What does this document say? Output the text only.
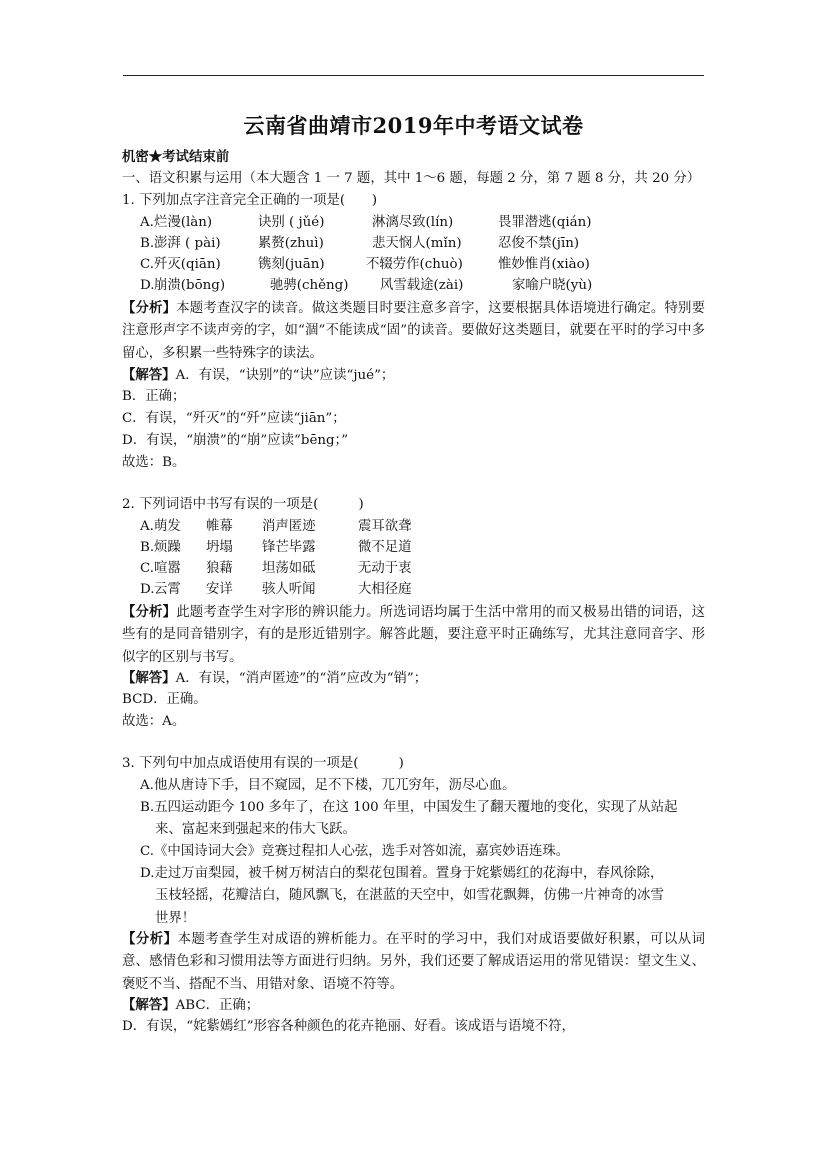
云南省曲靖市2019年中考语文试卷
机密★考试结束前
一、语文积累与运用（本大题含 1 一 7 题，其中 1～6 题，每题 2 分，第 7 题 8 分，共 20 分）
1. 下列加点字注音完全正确的一项是(　　)
A. 烂漫(làn)	诀别 ( jǔé)	淋漓尽致(lín)	畏罪潜逃(qián)
B. 澎湃 ( pài)	累赘(zhuì)	悲天悯人(mǐn)	忍俊不禁(jīn)
C. 歼灭(qiān)	镌刻(juān)	不辍劳作(chuò)	惟妙惟肖(xiào)
D. 崩溃(bōng)	驰骋(chěng) 风雪载途(zài)	家喻户晓(yù)
【分析】本题考查汉字的读音。做这类题目时要注意多音字，这要根据具体语境进行确定。特别要注意形声字不读声旁的字，如“涸”不能读成“固”的读音。要做好这类题目，就要在平时的学习中多留心，多积累一些特殊字的读法。
【解答】A．有误，“诀别”的“诀”应读“jué”；
B．正确；
C．有误，“歼灭”的“歼”应读“jiān”；
D．有误，“崩溃”的“崩”应读“bēng；”
故选：B。
2. 下列词语中书写有误的一项是(　　　)
A. 萌发 帷幕 消声匿迹	震耳欲聋
B. 烦躁 坍塌 锋芒毕露	微不足道
C. 喧嚣 狼藉 坦荡如砥	无动于衷
D. 云霄 安详 骇人听闻	大相径庭
【分析】此题考查学生对字形的辨识能力。所选词语均属于生活中常用的而又极易出错的词语，这些有的是同音错别字，有的是形近错别字。解答此题，要注意平时正确练写，尤其注意同音字、形似字的区别与书写。
【解答】A．有误，“消声匿迹”的“消”应改为“销”；
BCD．正确。
故选：A。
3. 下列句中加点成语使用有误的一项是(　　　)
A.他从唐诗下手，目不窥园，足不下楼，兀兀穷年，沥尽心血。
B.五四运动距今 100 多年了，在这 100 年里，中国发生了翻天覆地的变化，实现了从站起
来、富起来到强起来的伟大飞跃。
C.《中国诗词大会》竞赛过程扣人心弦，选手对答如流，嘉宾妙语连珠。
D.走过万亩梨园，被千树万树洁白的梨花包围着。置身于姹紫嫣红的花海中，春风徐除，
玉枝轻摇，花瓣洁白，随风飘飞，在湛蓝的天空中，如雪花飘舞，仿佛一片神奇的冰雪
世界！
【分析】本题考查学生对成语的辨析能力。在平时的学习中，我们对成语要做好积累，可以从词意、感情色彩和习惯用法等方面进行归纳。另外，我们还要了解成语运用的常见错误：望文生义、褒贬不当、搭配不当、用错对象、语境不符等。
【解答】ABC．正确；
D．有误，“姹紫嫣红”形容各种颜色的花卉艳丽、好看。该成语与语境不符，
